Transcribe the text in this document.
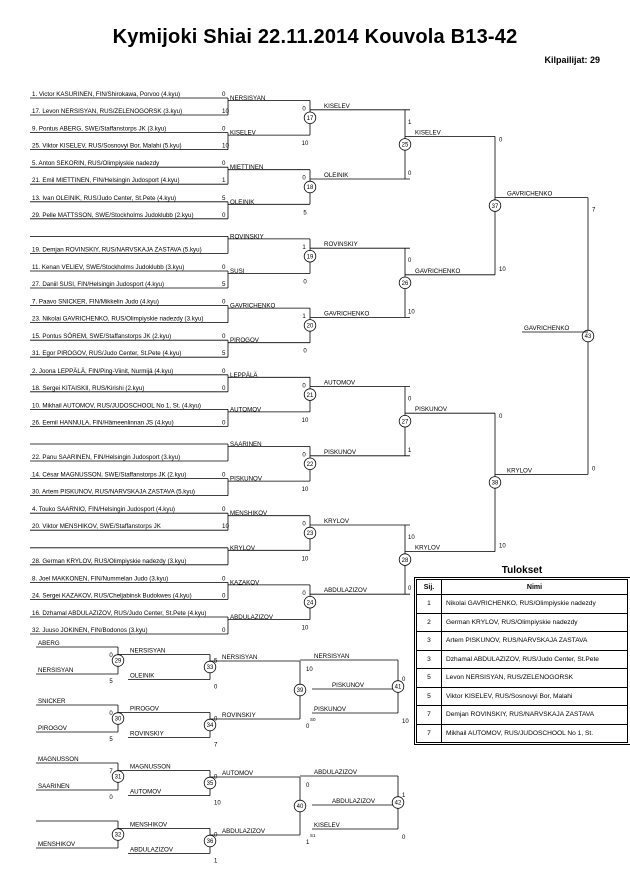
Kymijoki Shiai 22.11.2014 Kouvola B13-42
Kilpailijat: 29
1. Victor KASURINEN, FIN/Shirokawa, Porvoo (4.kyu)	0
17. Levon NERSISYAN, RUS/ZELENOGORSK (3.kyu)	10
NERSISYAN
9. Pontus ABERG, SWE/Staffanstorps JK (3.kyu)	0
25. Viktor KISELEV, RUS/Sosnovyi Bor, Malahi (5.kyu)	10
KISELEV
5. Anton SEKORIN, RUS/Olimpiyskie nadezdy	0
21. Emil MIETTINEN, FIN/Helsingin Judosport (4.kyu)	1
MIETTINEN
13. Ivan OLEINIK, RUS/Judo Center, St.Pete (4.kyu)	5
29. Pelle MATTSSON, SWE/Stockholms Judoklubb (2.kyu)	0
OLEINIK
19. Demjan ROVINSKIY, RUS/NARVSKAJA ZASTAVA (5.kyu)
ROVINSKIY
11. Kenan VELIEV, SWE/Stockholms Judoklubb (3.kyu)	0
27. Daniil SUSI, FIN/Helsingin Judosport (4.kyu)	5
SUSI
7. Paavo SNICKER, FIN/Mikkelin Judo (4.kyu)	0
23. Nikolai GAVRICHENKO, RUS/Olimpiyskie nadezdy (3.kyu)
GAVRICHENKO
15. Pontus SÖREM, SWE/Staffanstorps JK (2.kyu)	0
31. Egor PIROGOV, RUS/Judo Center, St.Pete (4.kyu)	5
PIROGOV
2. Joona LEPPÄLÄ, FIN/Ping-Viinit, Nurmijä (4.kyu)	0
18. Sergei KITAISKII, RUS/Kirishi (2.kyu)	0
LEPPÄLÄ
10. Mikhail AUTOMOV, RUS/JUDOSCHOOL No 1, St. (4.kyu)
26. Eemil HANNULA, FIN/Hämeenlinnan JS (4.kyu)	0
AUTOMOV
22. Panu SAARINEN, FIN/Helsingin Judosport (3.kyu)
SAARINEN
14. César MAGNUSSON, SWE/Staffanstorps JK (2.kyu)	0
30. Artem PISKUNOV, RUS/NARVSKAJA ZASTAVA (5.kyu)
PISKUNOV
4. Touko SAARNIO, FIN/Helsingin Judosport (4.kyu)	0
20. Viktor MENSHIKOV, SWE/Staffanstorps JK	10
MENSHIKOV
28. German KRYLOV, RUS/Olimpiyskie nadezdy (3.kyu)
KRYLOV
8. Joel MAKKONEN, FIN/Nummelan Judo (3.kyu)	0
24. Sergei KAZAKOV, RUS/Cheljabinsk Budokwes (4.kyu)	0
KAZAKOV
16. Dzhamal ABDULAZIZOV, RUS/Judo Center, St.Pete (4.kyu)
32. Juuso JOKINEN, FIN/Bodonos (3.kyu)	0
ABDULAZIZOV
17
0
10
KISELEV
18
0
5
OLEINIK
19
1
0
ROVINSKIY
20
1
0
GAVRICHENKO
21
0
10
AUTOMOV
22
0
10
PISKUNOV
23
0
10
KRYLOV
24
0
10
ABDULAZIZOV
25
1
0
KISELEV
26
0
10
GAVRICHENKO
27
0
1
PISKUNOV
28
10
0
KRYLOV
37
0
10
GAVRICHENKO
38
0
10
KRYLOV
43
7
0
GAVRICHENKO
ABERG
NERSISYAN
29
0
5
NERSISYAN
OLEINIK
33
5
0
NERSISYAN
SNICKER
PIROGOV
30
0
5
PIROGOV
ROVINSKIY
34
0
7
ROVINSKIY
MAGNUSSON
SAARINEN
31
7
0
MAGNUSSON
AUTOMOV
35
0
10
AUTOMOV
MENSHIKOV
32
MENSHIKOV
ABDULAZIZOV
36
0
1
ABDULAZIZOV
39
10
0
NERSISYAN
40
0
1
ABDULAZIZOV
PISKUNOV
PISKUNOV
41
0
10
S0
ABDULAZIZOV
KISELEV
42
1
0
S1
Tulokset
Sij.	Nimi
1	Nikolai GAVRICHENKO, RUS/Olimpiyskie nadezdy
2	German KRYLOV, RUS/Olimpiyskie nadezdy
3	Artem PISKUNOV, RUS/NARVSKAJA ZASTAVA
3	Dzhamal ABDULAZIZOV, RUS/Judo Center, St.Pete
5	Levon NERSISYAN, RUS/ZELENOGORSK
5	Viktor KISELEV, RUS/Sosnovyi Bor, Malahi
7	Demjan ROVINSKIY, RUS/NARVSKAJA ZASTAVA
7	Mikhail AUTOMOV, RUS/JUDOSCHOOL No 1, St.
